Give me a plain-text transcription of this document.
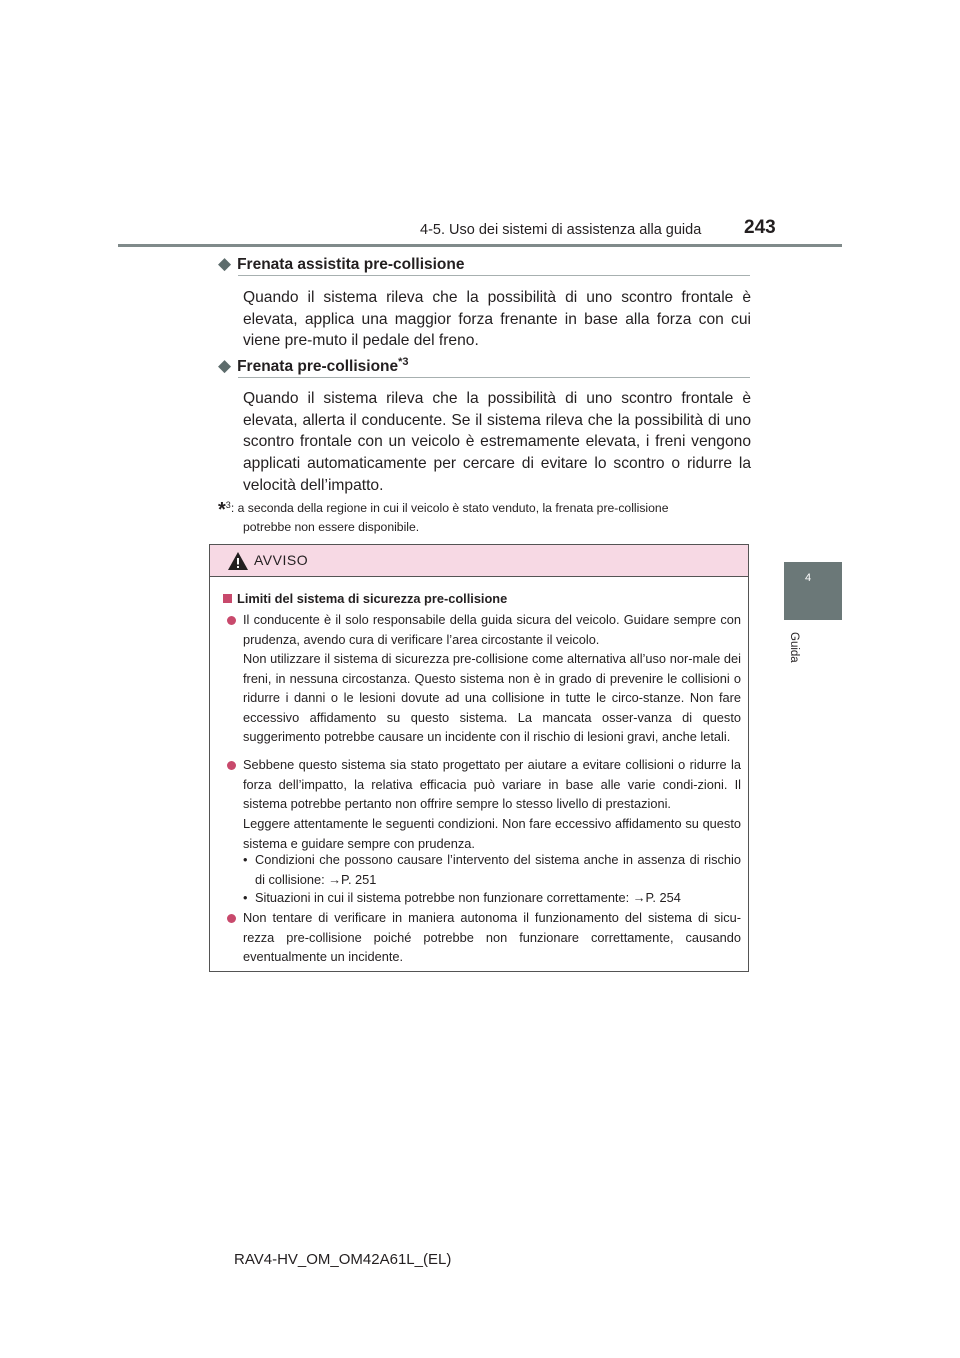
4-5. Uso dei sistemi di assistenza alla guida 243
4
Guida
◆ Frenata assistita pre-collisione
Quando il sistema rileva che la possibilità di uno scontro frontale è elevata, applica una maggior forza frenante in base alla forza con cui viene pre-muto il pedale del freno.
◆ Frenata pre-collisione$^{*3}$
Quando il sistema rileva che la possibilità di uno scontro frontale è elevata, allerta il conducente. Se il sistema rileva che la possibilità di uno scontro frontale con un veicolo è estremamente elevata, i freni vengono applicati automaticamente per cercare di evitare lo scontro o ridurre la velocità dell’impatto.
*$^3$: a seconda della regione in cui il veicolo è stato venduto, la frenata pre-collisione
potrebbe non essere disponibile.
AVVISO
Limiti del sistema di sicurezza pre-collisione
Il conducente è il solo responsabile della guida sicura del veicolo. Guidare sempre con prudenza, avendo cura di verificare l’area circostante il veicolo.
Non utilizzare il sistema di sicurezza pre-collisione come alternativa all’uso nor-male dei freni, in nessuna circostanza. Questo sistema non è in grado di prevenire le collisioni o ridurre i danni o le lesioni dovute ad una collisione in tutte le circo-stanze. Non fare eccessivo affidamento su questo sistema. La mancata osser-vanza di questo suggerimento potrebbe causare un incidente con il rischio di lesioni gravi, anche letali.
Sebbene questo sistema sia stato progettato per aiutare a evitare collisioni o ridurre la forza dell’impatto, la relativa efficacia può variare in base alle varie condi-zioni. Il sistema potrebbe pertanto non offrire sempre lo stesso livello di prestazioni.
Leggere attentamente le seguenti condizioni. Non fare eccessivo affidamento su questo sistema e guidare sempre con prudenza.
• Condizioni che possono causare l’intervento del sistema anche in assenza di rischio di collisione: →P. 251
• Situazioni in cui il sistema potrebbe non funzionare correttamente: →P. 254
Non tentare di verificare in maniera autonoma il funzionamento del sistema di sicu-rezza pre-collisione poiché potrebbe non funzionare correttamente, causando eventualmente un incidente.
RAV4-HV_OM_OM42A61L_(EL)
